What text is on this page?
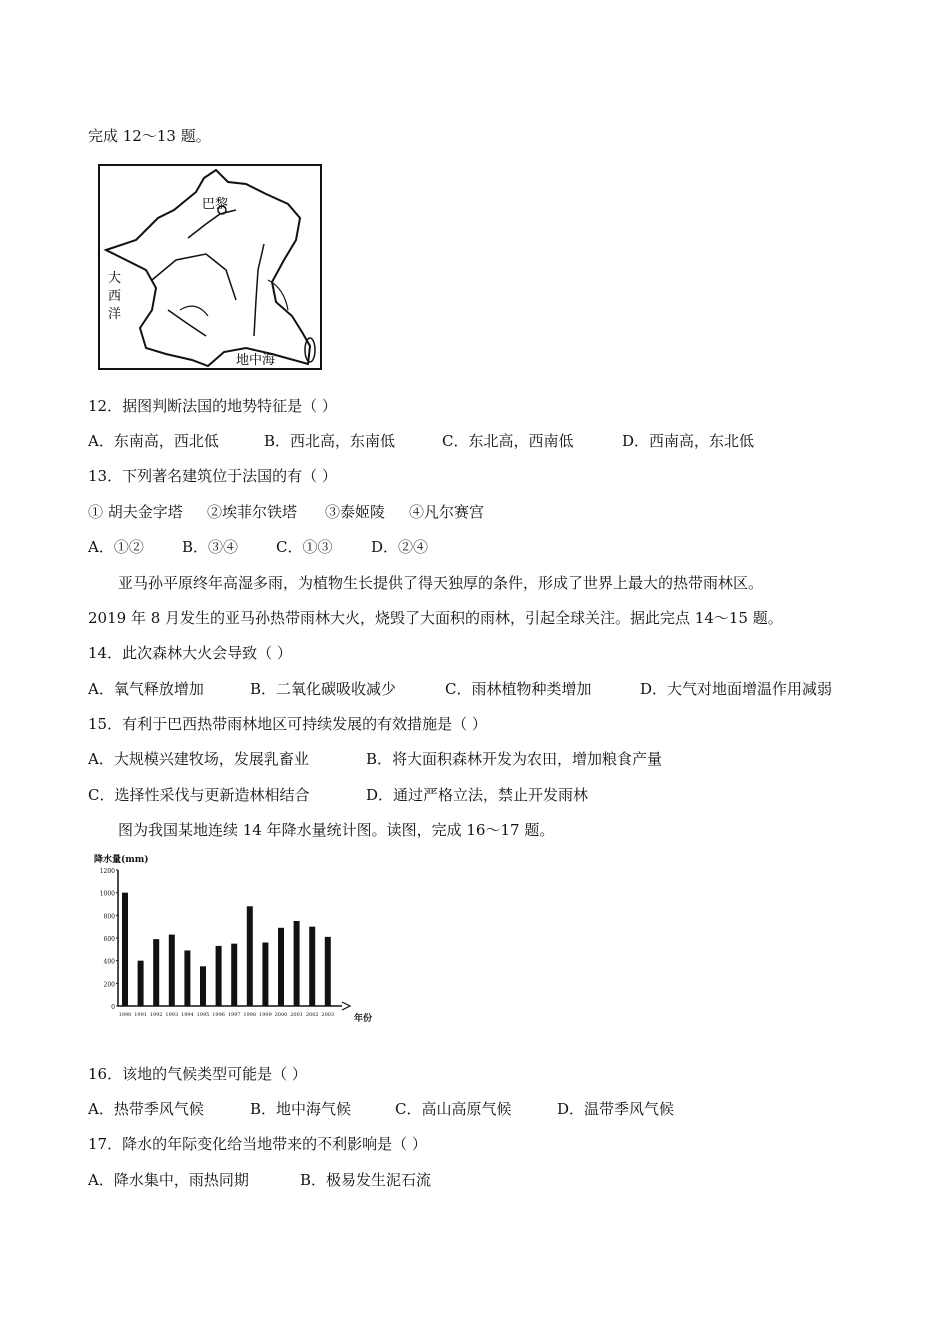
完成 12～13 题。
巴黎
大
西
洋
地中海
12．据图判断法国的地势特征是（ ）
A．东南高，西北低	B．西北高，东南低	C．东北高，西南低	D．西南高，东北低
13．下列著名建筑位于法国的有（ ）
① 胡夫金字塔 ②埃菲尔铁塔 ③泰姬陵 ④凡尔赛宫
A．①②	B．③④	C．①③	D．②④
亚马孙平原终年高湿多雨，为植物生长提供了得天独厚的条件，形成了世界上最大的热带雨林区。
2019 年 8 月发生的亚马孙热带雨林大火，烧毁了大面积的雨林，引起全球关注。据此完点 14～15 题。
14．此次森林大火会导致（ ）
A．氧气释放增加	B．二氧化碳吸收减少	C．雨林植物种类增加	D．大气对地面增温作用减弱
15．有利于巴西热带雨林地区可持续发展的有效措施是（ ）
A．大规模兴建牧场，发展乳畜业	B．将大面积森林开发为农田，增加粮食产量
C．选择性采伐与更新造林相结合	D．通过严格立法，禁止开发雨林
图为我国某地连续 14 年降水量统计图。读图，完成 16～17 题。
降水量(mm)
0
200
400
600
800
1000
1200
1990 1991 1992 1993 1994 1995 1996 1997 1998 1999 2000 2001 2002 2003 年份
16．该地的气候类型可能是（ ）
A．热带季风气候	B．地中海气候	C．高山高原气候	D．温带季风气候
17．降水的年际变化给当地带来的不利影响是（ ）
A．降水集中，雨热同期	B．极易发生泥石流
